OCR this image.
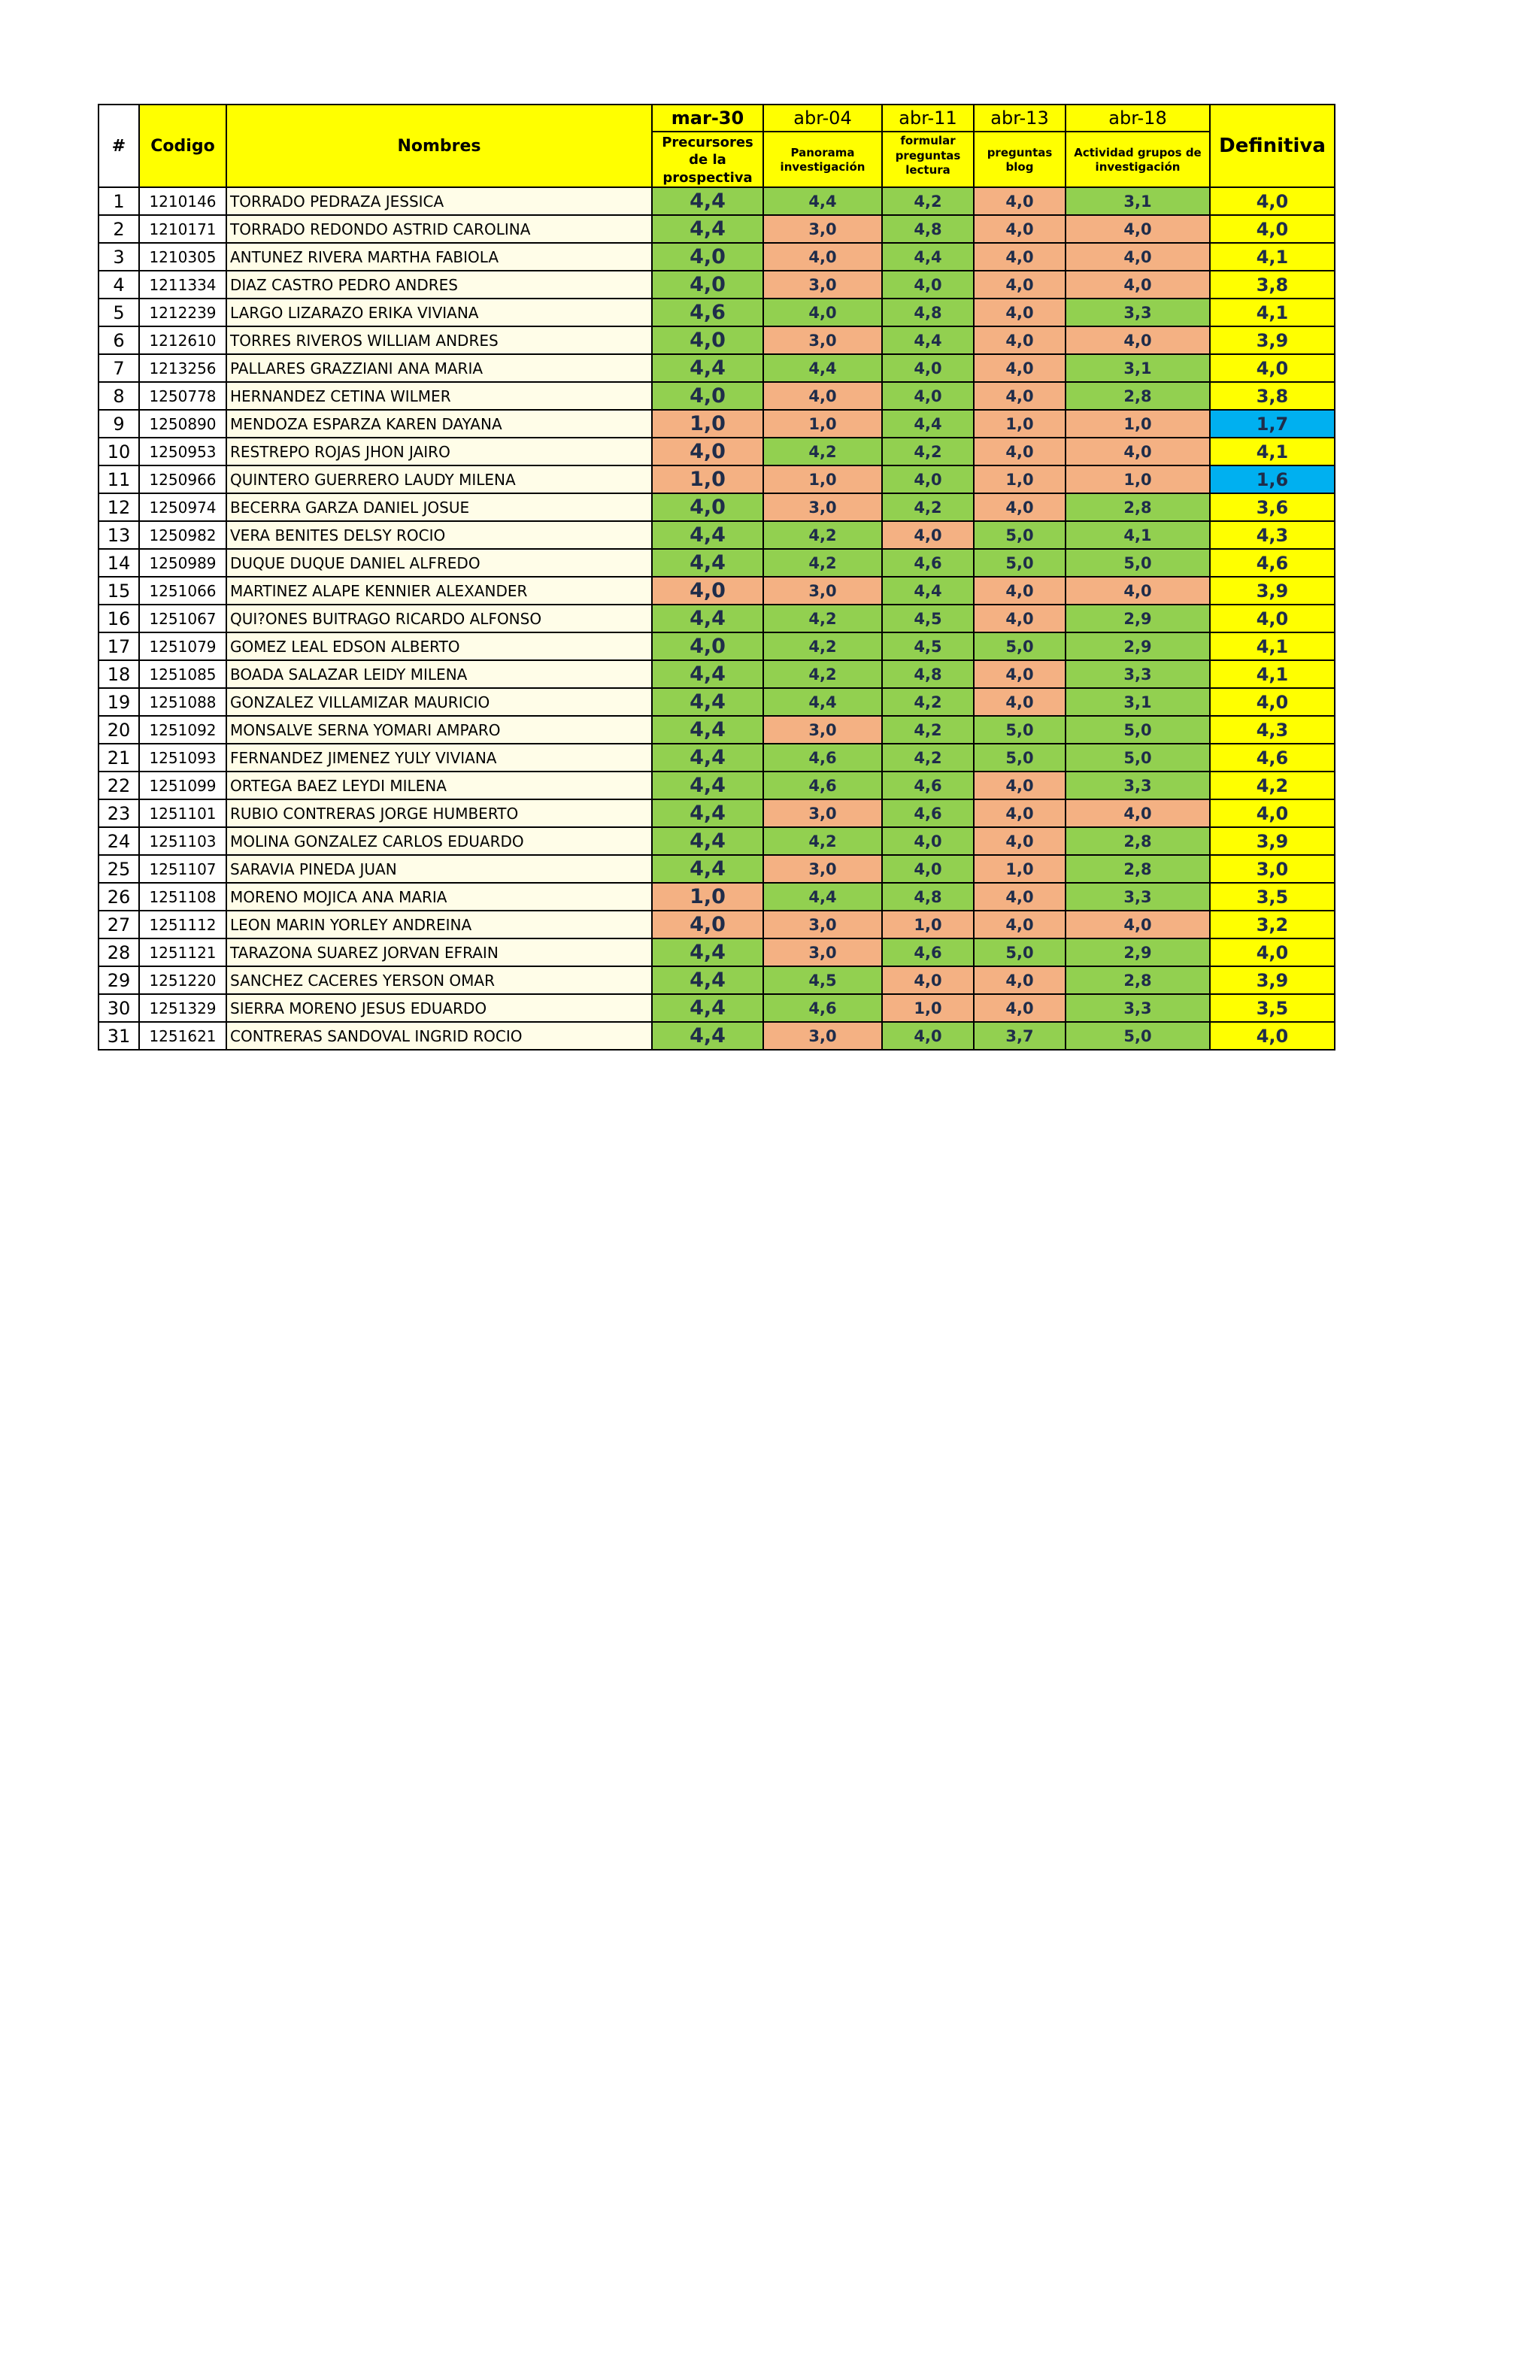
#	Codigo	Nombres	mar-30	abr-04	abr-11	abr-13	abr-18	Definitiva
			Precursores de la prospectiva	Panorama investigación	formular preguntas lectura	preguntas blog	Actividad grupos de investigación	
1	1210146	TORRADO PEDRAZA JESSICA	4,4	4,4	4,2	4,0	3,1	4,0
2	1210171	TORRADO REDONDO ASTRID CAROLINA	4,4	3,0	4,8	4,0	4,0	4,0
3	1210305	ANTUNEZ RIVERA MARTHA FABIOLA	4,0	4,0	4,4	4,0	4,0	4,1
4	1211334	DIAZ CASTRO PEDRO ANDRES	4,0	3,0	4,0	4,0	4,0	3,8
5	1212239	LARGO LIZARAZO ERIKA VIVIANA	4,6	4,0	4,8	4,0	3,3	4,1
6	1212610	TORRES RIVEROS WILLIAM ANDRES	4,0	3,0	4,4	4,0	4,0	3,9
7	1213256	PALLARES GRAZZIANI ANA MARIA	4,4	4,4	4,0	4,0	3,1	4,0
8	1250778	HERNANDEZ CETINA WILMER	4,0	4,0	4,0	4,0	2,8	3,8
9	1250890	MENDOZA ESPARZA KAREN DAYANA	1,0	1,0	4,4	1,0	1,0	1,7
10	1250953	RESTREPO ROJAS JHON JAIRO	4,0	4,2	4,2	4,0	4,0	4,1
11	1250966	QUINTERO GUERRERO LAUDY MILENA	1,0	1,0	4,0	1,0	1,0	1,6
12	1250974	BECERRA GARZA DANIEL JOSUE	4,0	3,0	4,2	4,0	2,8	3,6
13	1250982	VERA BENITES DELSY ROCIO	4,4	4,2	4,0	5,0	4,1	4,3
14	1250989	DUQUE DUQUE DANIEL ALFREDO	4,4	4,2	4,6	5,0	5,0	4,6
15	1251066	MARTINEZ ALAPE KENNIER ALEXANDER	4,0	3,0	4,4	4,0	4,0	3,9
16	1251067	QUI?ONES BUITRAGO RICARDO ALFONSO	4,4	4,2	4,5	4,0	2,9	4,0
17	1251079	GOMEZ LEAL EDSON ALBERTO	4,0	4,2	4,5	5,0	2,9	4,1
18	1251085	BOADA SALAZAR LEIDY MILENA	4,4	4,2	4,8	4,0	3,3	4,1
19	1251088	GONZALEZ VILLAMIZAR MAURICIO	4,4	4,4	4,2	4,0	3,1	4,0
20	1251092	MONSALVE SERNA YOMARI AMPARO	4,4	3,0	4,2	5,0	5,0	4,3
21	1251093	FERNANDEZ JIMENEZ YULY VIVIANA	4,4	4,6	4,2	5,0	5,0	4,6
22	1251099	ORTEGA BAEZ LEYDI MILENA	4,4	4,6	4,6	4,0	3,3	4,2
23	1251101	RUBIO CONTRERAS JORGE HUMBERTO	4,4	3,0	4,6	4,0	4,0	4,0
24	1251103	MOLINA GONZALEZ CARLOS EDUARDO	4,4	4,2	4,0	4,0	2,8	3,9
25	1251107	SARAVIA PINEDA JUAN	4,4	3,0	4,0	1,0	2,8	3,0
26	1251108	MORENO MOJICA ANA MARIA	1,0	4,4	4,8	4,0	3,3	3,5
27	1251112	LEON MARIN YORLEY ANDREINA	4,0	3,0	1,0	4,0	4,0	3,2
28	1251121	TARAZONA SUAREZ JORVAN EFRAIN	4,4	3,0	4,6	5,0	2,9	4,0
29	1251220	SANCHEZ CACERES YERSON OMAR	4,4	4,5	4,0	4,0	2,8	3,9
30	1251329	SIERRA MORENO JESUS EDUARDO	4,4	4,6	1,0	4,0	3,3	3,5
31	1251621	CONTRERAS SANDOVAL INGRID ROCIO	4,4	3,0	4,0	3,7	5,0	4,0
